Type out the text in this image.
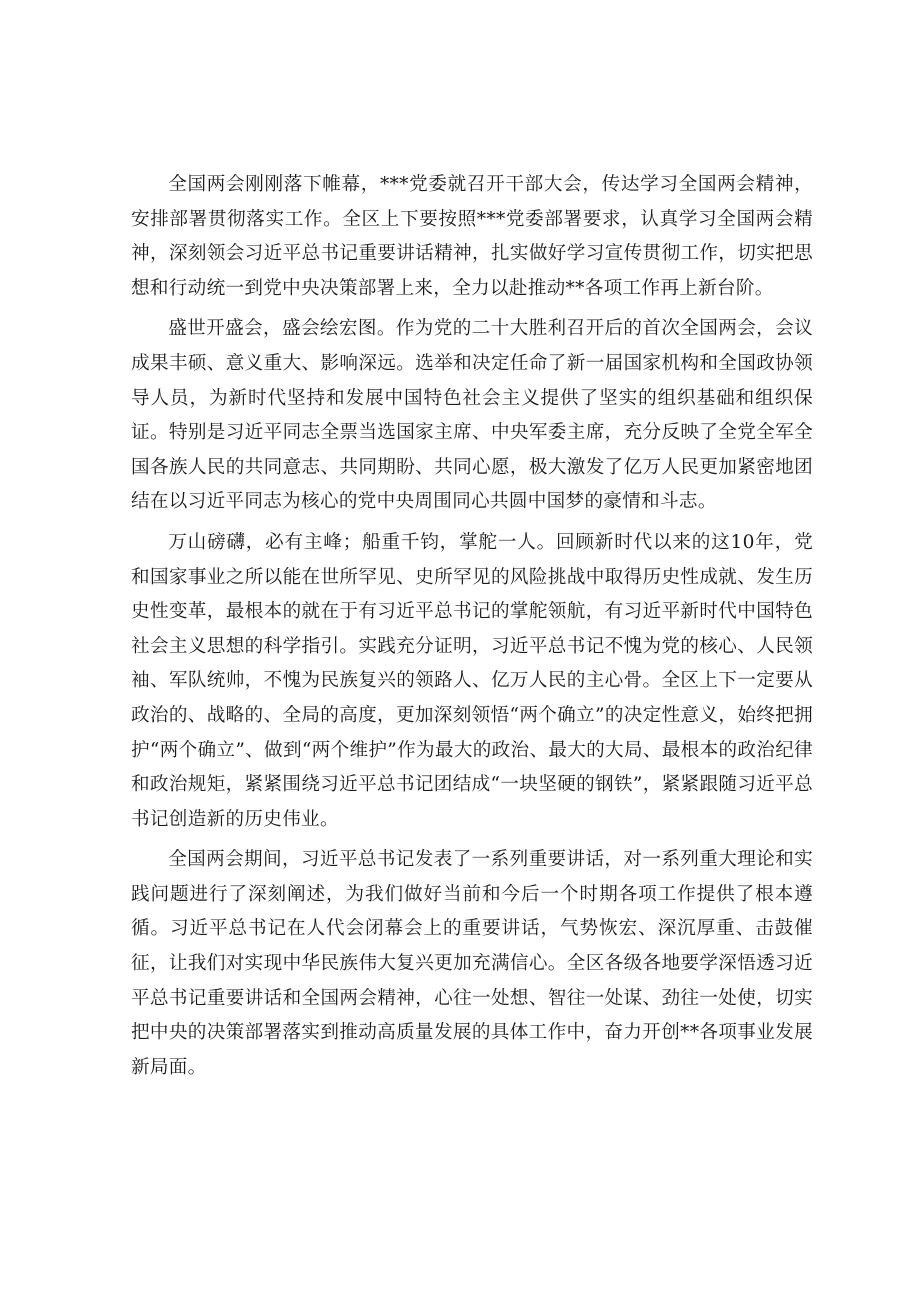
全国两会刚刚落下帷幕，***党委就召开干部大会，传达学习全国两会精神，安排部署贯彻落实工作。全区上下要按照***党委部署要求，认真学习全国两会精神，深刻领会习近平总书记重要讲话精神，扎实做好学习宣传贯彻工作，切实把思想和行动统一到党中央决策部署上来，全力以赴推动**各项工作再上新台阶。

盛世开盛会，盛会绘宏图。作为党的二十大胜利召开后的首次全国两会，会议成果丰硕、意义重大、影响深远。选举和决定任命了新一届国家机构和全国政协领导人员，为新时代坚持和发展中国特色社会主义提供了坚实的组织基础和组织保证。特别是习近平同志全票当选国家主席、中央军委主席，充分反映了全党全军全国各族人民的共同意志、共同期盼、共同心愿，极大激发了亿万人民更加紧密地团结在以习近平同志为核心的党中央周围同心共圆中国梦的豪情和斗志。

万山磅礴，必有主峰；船重千钧，掌舵一人。回顾新时代以来的这10年，党和国家事业之所以能在世所罕见、史所罕见的风险挑战中取得历史性成就、发生历史性变革，最根本的就在于有习近平总书记的掌舵领航，有习近平新时代中国特色社会主义思想的科学指引。实践充分证明，习近平总书记不愧为党的核心、人民领袖、军队统帅，不愧为民族复兴的领路人、亿万人民的主心骨。全区上下一定要从政治的、战略的、全局的高度，更加深刻领悟“两个确立”的决定性意义，始终把拥护“两个确立”、做到“两个维护”作为最大的政治、最大的大局、最根本的政治纪律和政治规矩，紧紧围绕习近平总书记团结成“一块坚硬的钢铁”，紧紧跟随习近平总书记创造新的历史伟业。

全国两会期间，习近平总书记发表了一系列重要讲话，对一系列重大理论和实践问题进行了深刻阐述，为我们做好当前和今后一个时期各项工作提供了根本遵循。习近平总书记在人代会闭幕会上的重要讲话，气势恢宏、深沉厚重、击鼓催征，让我们对实现中华民族伟大复兴更加充满信心。全区各级各地要学深悟透习近平总书记重要讲话和全国两会精神，心往一处想、智往一处谋、劲往一处使，切实把中央的决策部署落实到推动高质量发展的具体工作中，奋力开创**各项事业发展新局面。
